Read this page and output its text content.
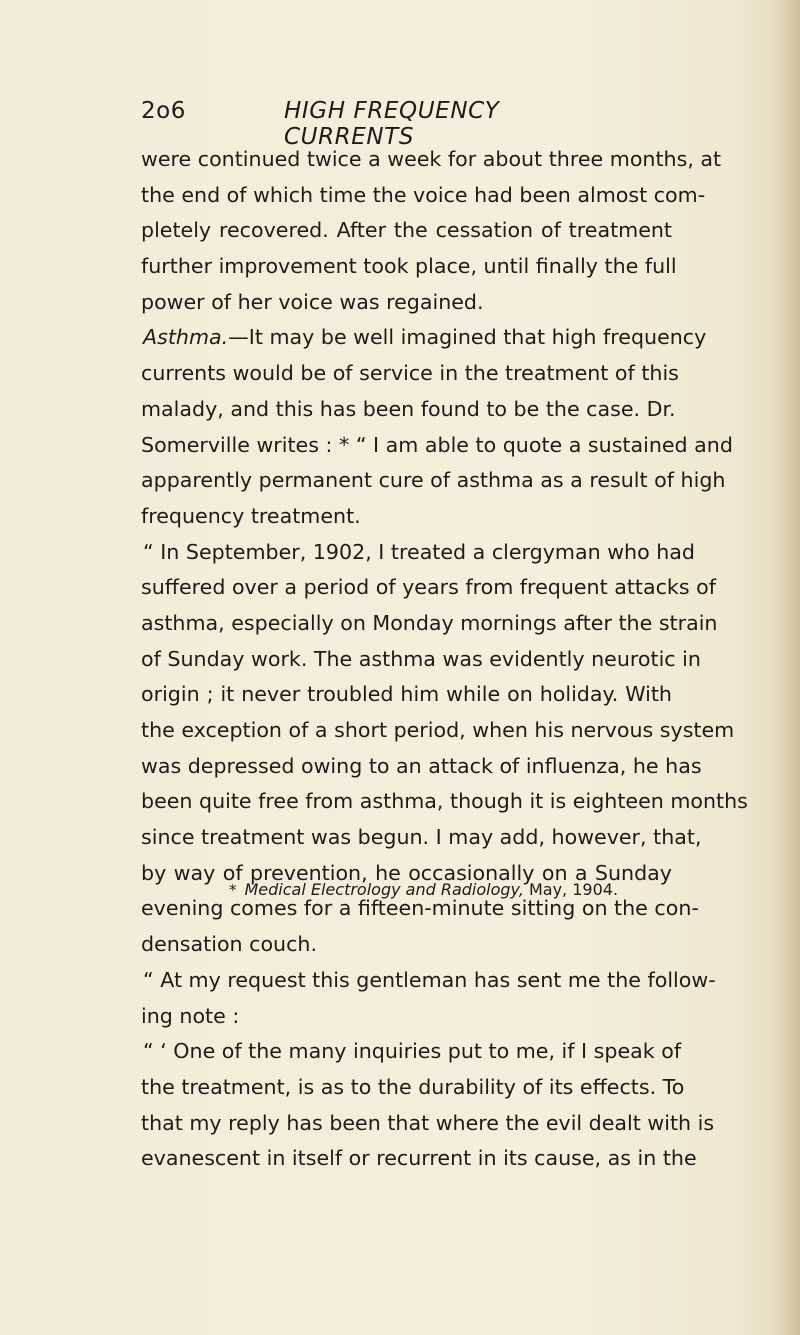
2o6	HIGH FREQUENCY CURRENTS
were continued twice a week for about three months, at
the end of which time the voice had been almost com-
pletely recovered. After the cessation of treatment
further improvement took place, until finally the full
power of her voice was regained.
Asthma.—It may be well imagined that high frequency
currents would be of service in the treatment of this
malady, and this has been found to be the case. Dr.
Somerville writes : * “ I am able to quote a sustained and
apparently permanent cure of asthma as a result of high
frequency treatment.
“ In September, 1902, I treated a clergyman who had
suffered over a period of years from frequent attacks of
asthma, especially on Monday mornings after the strain
of Sunday work. The asthma was evidently neurotic in
origin ; it never troubled him while on holiday. With
the exception of a short period, when his nervous system
was depressed owing to an attack of influenza, he has
been quite free from asthma, though it is eighteen months
since treatment was begun. I may add, however, that,
by way of prevention, he occasionally on a Sunday
evening comes for a fifteen-minute sitting on the con-
densation couch.
“ At my request this gentleman has sent me the follow-
ing note :
“ ‘ One of the many inquiries put to me, if I speak of
the treatment, is as to the durability of its effects. To
that my reply has been that where the evil dealt with is
evanescent in itself or recurrent in its cause, as in the
* Medical Electrology and Radiology, May, 1904.
